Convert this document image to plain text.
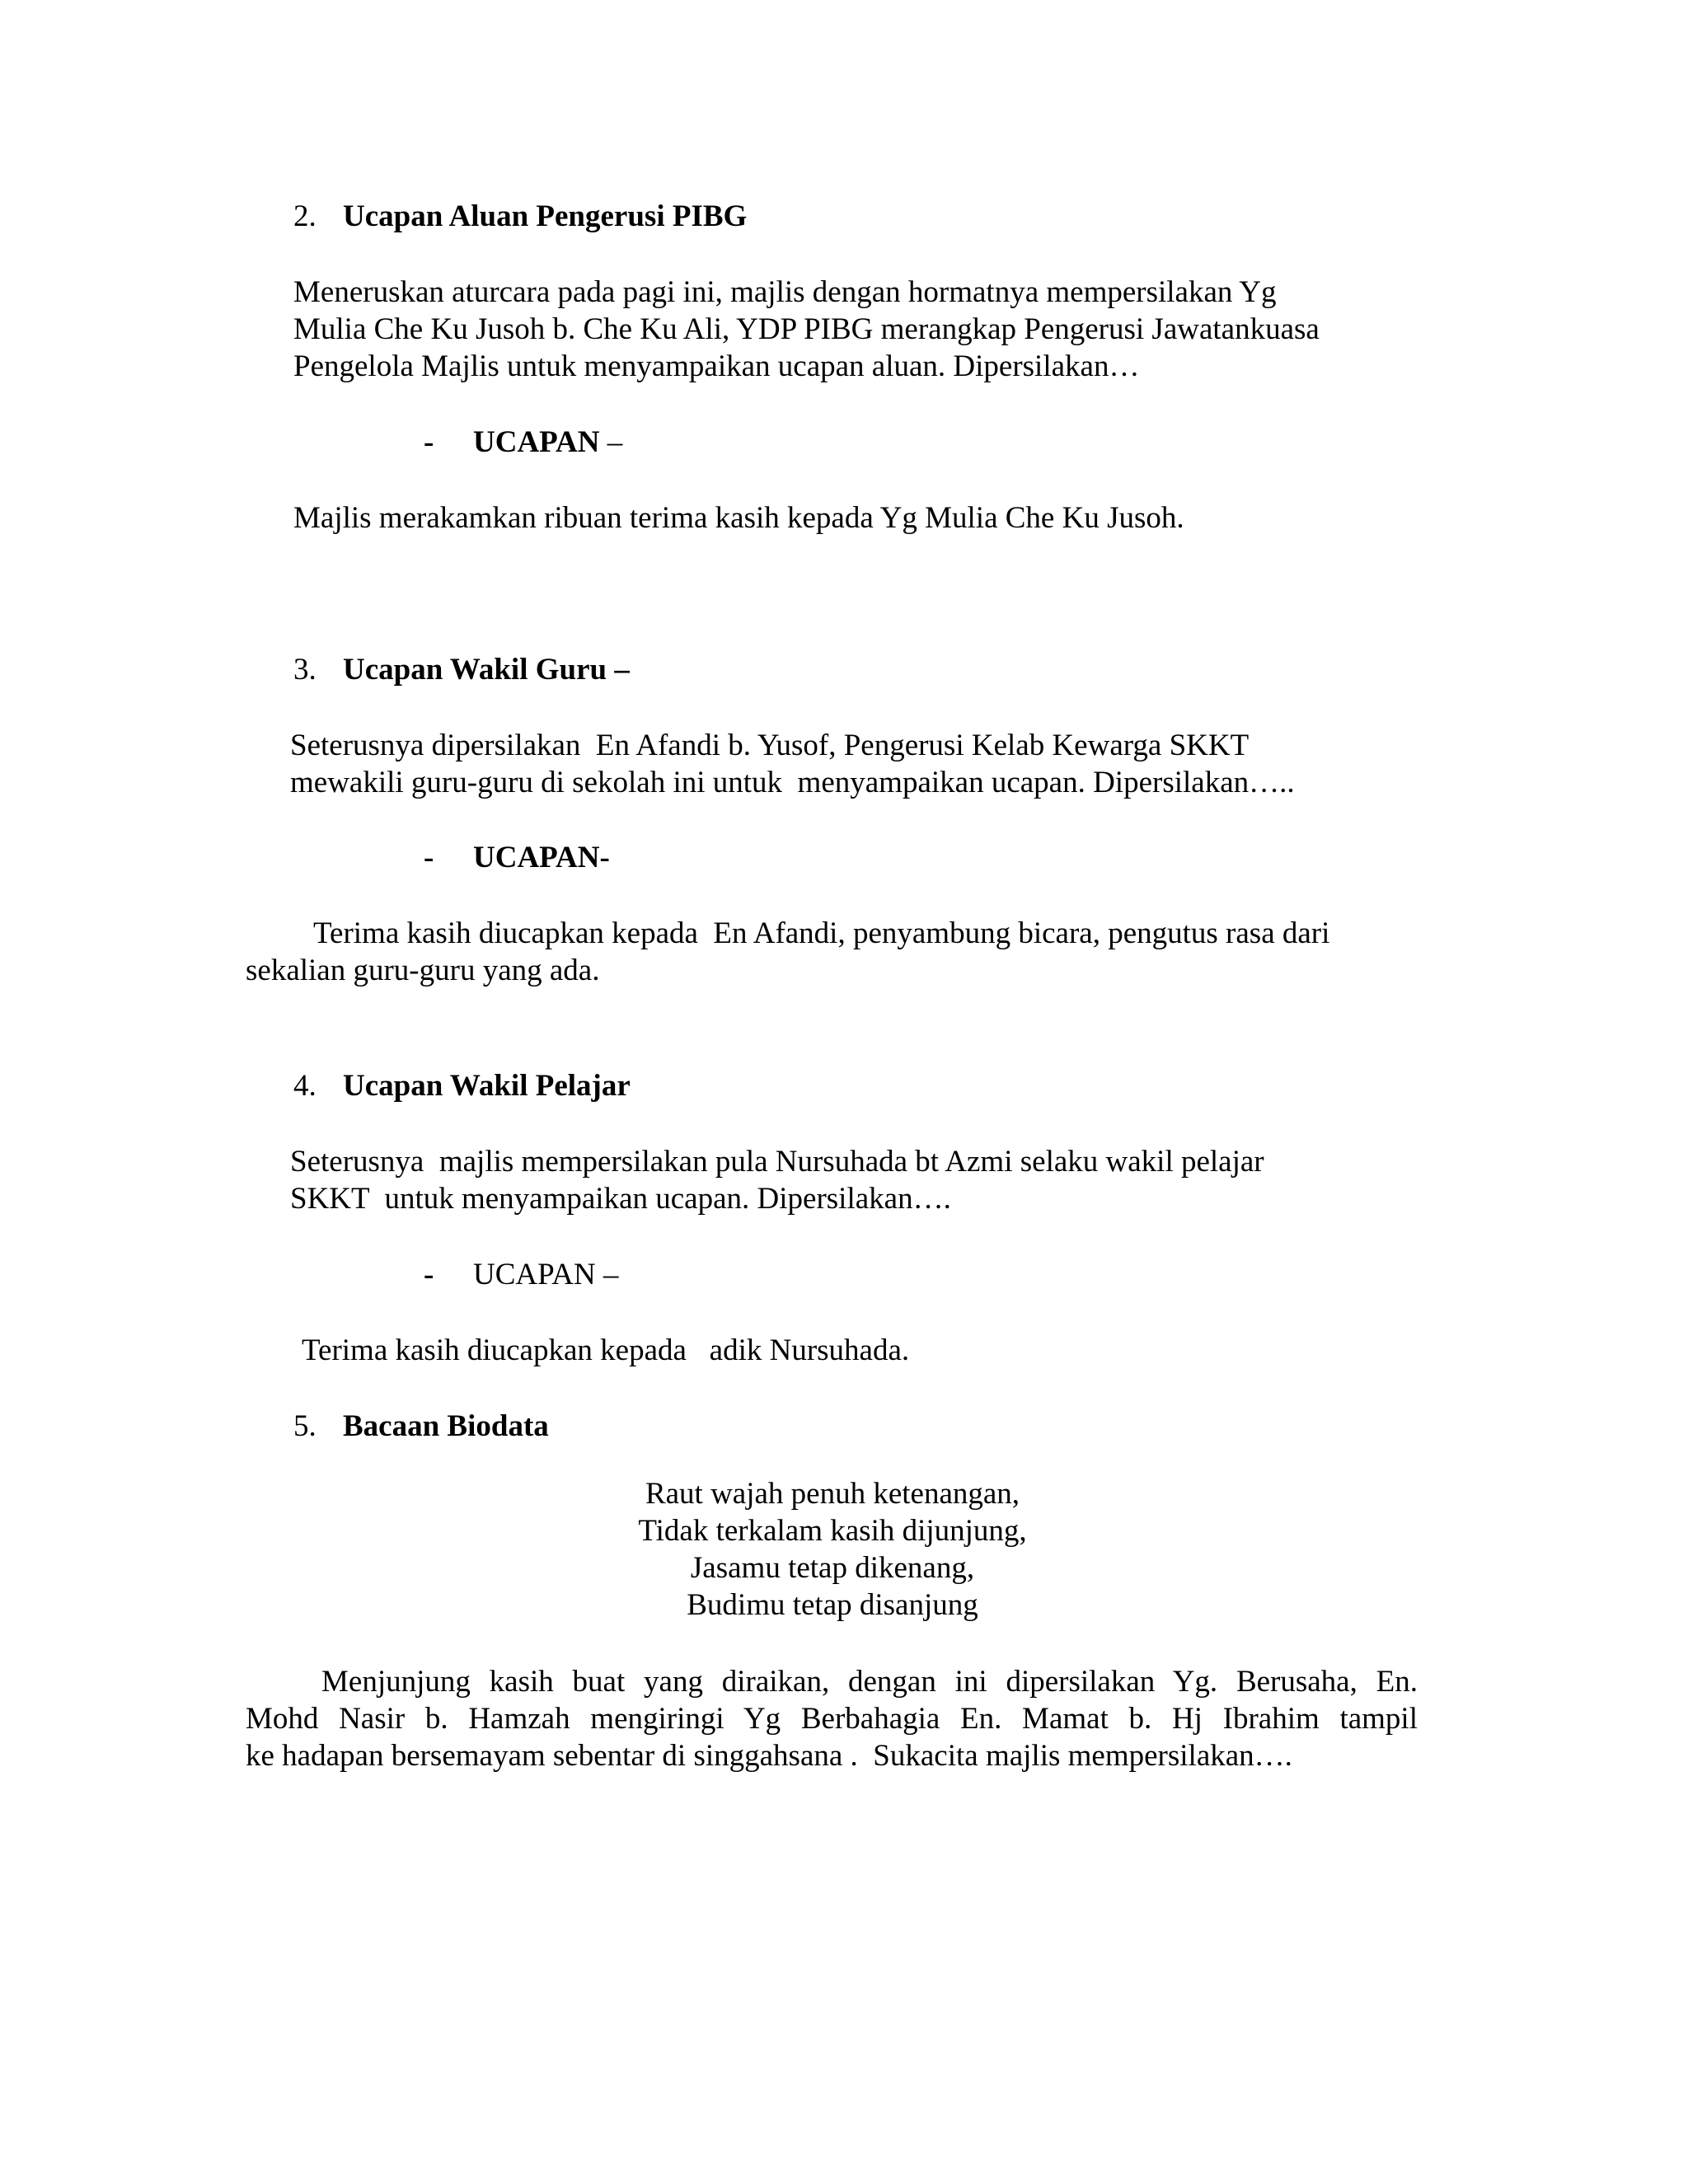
2. Ucapan Aluan Pengerusi PIBG
Meneruskan aturcara pada pagi ini, majlis dengan hormatnya mempersilakan Yg
Mulia Che Ku Jusoh b. Che Ku Ali, YDP PIBG merangkap Pengerusi Jawatankuasa
Pengelola Majlis untuk menyampaikan ucapan aluan. Dipersilakan…
- UCAPAN –
Majlis merakamkan ribuan terima kasih kepada Yg Mulia Che Ku Jusoh.
3. Ucapan Wakil Guru –
Seterusnya dipersilakan  En Afandi b. Yusof, Pengerusi Kelab Kewarga SKKT
mewakili guru-guru di sekolah ini untuk  menyampaikan ucapan. Dipersilakan…..
- UCAPAN-
Terima kasih diucapkan kepada  En Afandi, penyambung bicara, pengutus rasa dari
sekalian guru-guru yang ada.
4. Ucapan Wakil Pelajar
Seterusnya  majlis mempersilakan pula Nursuhada bt Azmi selaku wakil pelajar
SKKT  untuk menyampaikan ucapan. Dipersilakan….
- UCAPAN –
Terima kasih diucapkan kepada   adik Nursuhada.
5. Bacaan Biodata
Raut wajah penuh ketenangan,
Tidak terkalam kasih dijunjung,
Jasamu tetap dikenang,
Budimu tetap disanjung
Menjunjung kasih buat yang diraikan, dengan ini dipersilakan Yg. Berusaha, En.
Mohd Nasir b. Hamzah mengiringi Yg Berbahagia En. Mamat b. Hj Ibrahim tampil
ke hadapan bersemayam sebentar di singgahsana .  Sukacita majlis mempersilakan….
